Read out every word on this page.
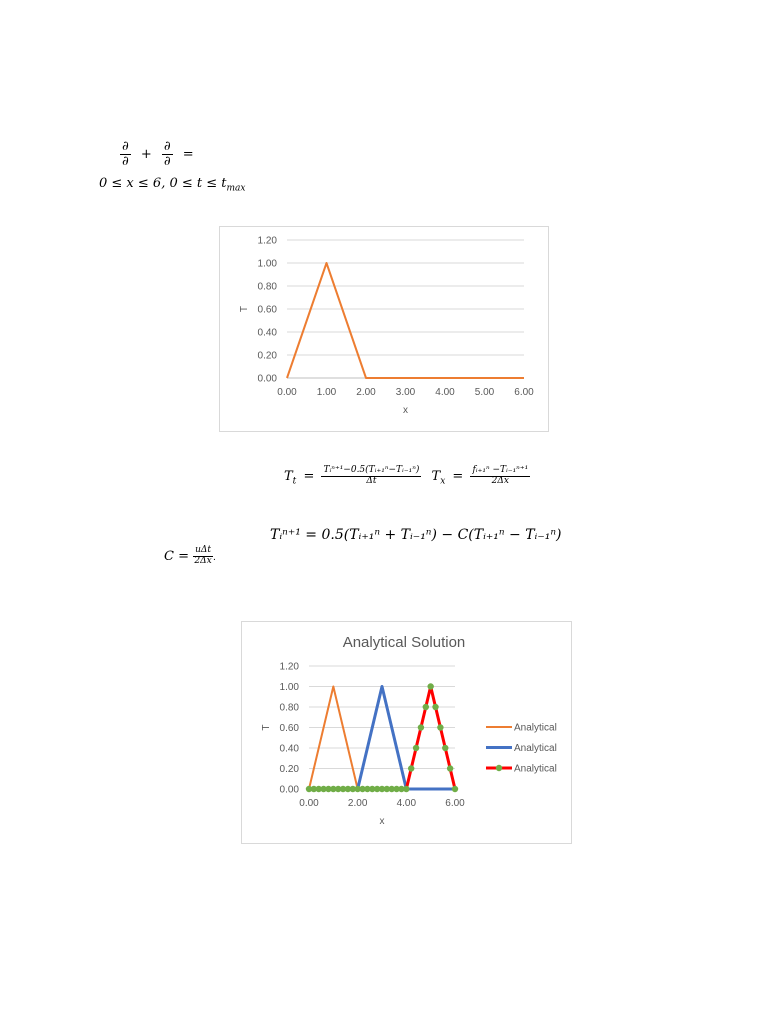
$\frac{\partial}{\partial} + \frac{\partial}{\partial}$ =
0 ≤ x ≤ 6, $0 \le t \le t_{max}$
0.00
0.20
0.40
0.60
0.80
1.00
1.20
0.00 1.00 2.00 3.00 4.00 5.00 6.00
x
T
$T_t = \frac{\text{Tᵢⁿ⁺¹−0.5(Tᵢ₊₁ⁿ−Tᵢ₋₁ⁿ)}}{\Delta t} T_x = \frac{\text{fᵢ₊₁ⁿ −Tᵢ₋₁ⁿ⁺¹}}{2\Delta x}$
Tᵢⁿ⁺¹ = 0.5(Tᵢ₊₁ⁿ + Tᵢ₋₁ⁿ) − C(Tᵢ₊₁ⁿ − Tᵢ₋₁ⁿ)
$C = \frac{\text{uΔt}}{2\Delta x}$ .
Analytical Solution
0.00
0.20
0.40
0.60
0.80
1.00
1.20
0.00	2.00	4.00	6.00
x
T	Analytical
Analytical
Analytical
